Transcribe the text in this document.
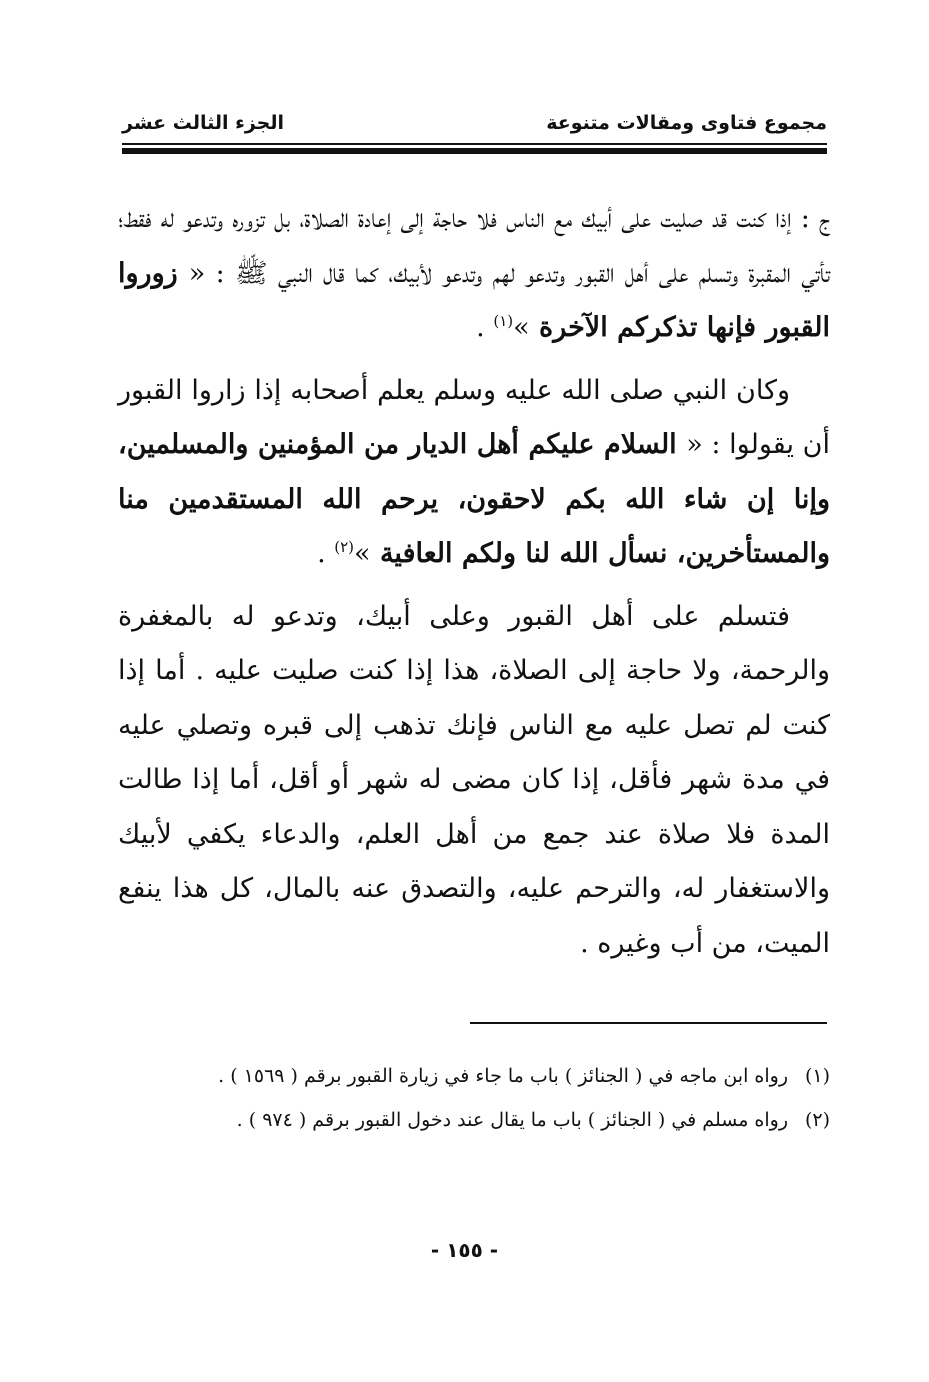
مجموع فتاوى ومقالات متنوعة
الجزء الثالث عشر

ج : إذا كنت قد صليت على أبيك مع الناس فلا حاجة إلى إعادة الصلاة، بل تزوره وتدعو له فقط؛ تأتي المقبرة وتسلم على أهل القبور وتدعو لهم وتدعو لأبيك، كما قال النبي ﷺ : « زوروا القبور فإنها تذكركم الآخرة »$^{(١)}$ .

وكان النبي صلى الله عليه وسلم يعلم أصحابه إذا زاروا القبور أن يقولوا : « السلام عليكم أهل الديار من المؤمنين والمسلمين، وإنا إن شاء الله بكم لاحقون، يرحم الله المستقدمين منا والمستأخرين، نسأل الله لنا ولكم العافية »$^{(٢)}$ .

فتسلم على أهل القبور وعلى أبيك، وتدعو له بالمغفرة والرحمة، ولا حاجة إلى الصلاة، هذا إذا كنت صليت عليه . أما إذا كنت لم تصل عليه مع الناس فإنك تذهب إلى قبره وتصلي عليه في مدة شهر فأقل، إذا كان مضى له شهر أو أقل، أما إذا طالت المدة فلا صلاة عند جمع من أهل العلم، والدعاء يكفي لأبيك والاستغفار له، والترحم عليه، والتصدق عنه بالمال، كل هذا ينفع الميت، من أب وغيره .

(١)
رواه ابن ماجه في ( الجنائز ) باب ما جاء في زيارة القبور برقم ( ١٥٦٩ ) .
(٢)
رواه مسلم في ( الجنائز ) باب ما يقال عند دخول القبور برقم ( ٩٧٤ ) .
- ١٥٥ -
